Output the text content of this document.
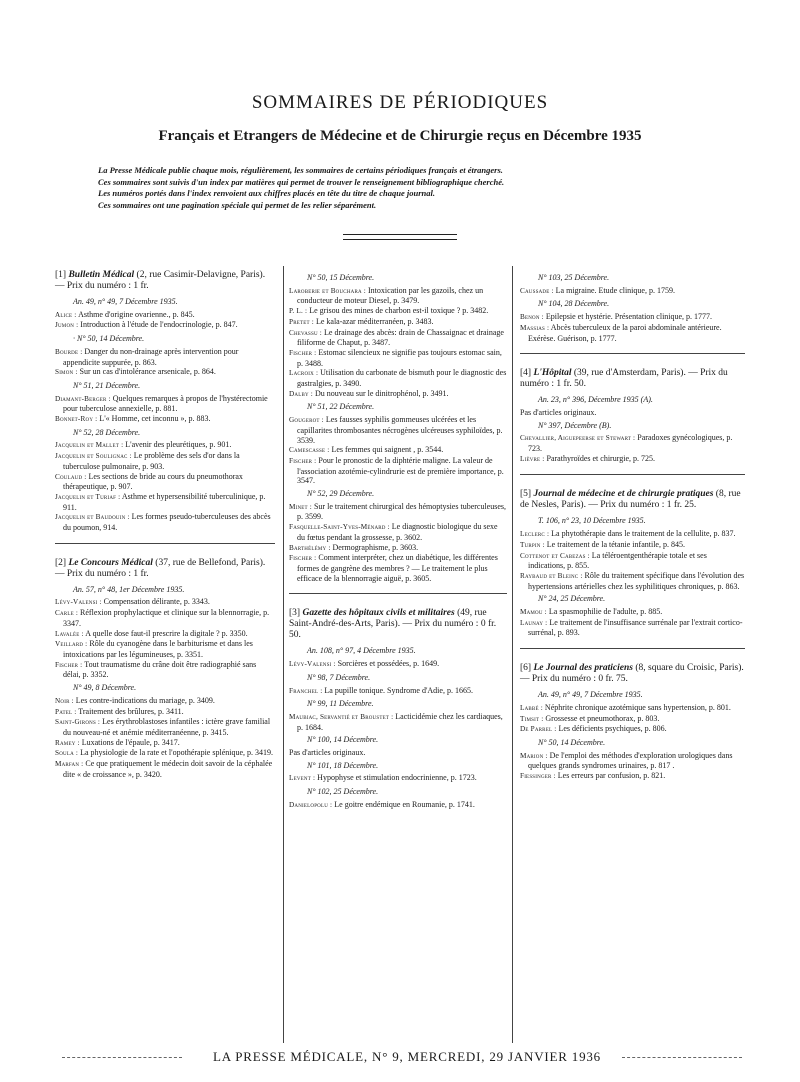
SOMMAIRES DE PÉRIODIQUES
Français et Etrangers de Médecine et de Chirurgie reçus en Décembre 1935

La Presse Médicale publie chaque mois, régulièrement, les sommaires de certains périodiques français et étrangers.

Ces sommaires sont suivis d'un index par matières qui permet de trouver le renseignement bibliographique cherché.

Les numéros portés dans l'index renvoient aux chiffres placés en tête du titre de chaque journal.

Ces sommaires ont une pagination spéciale qui permet de les relier séparément.

[1] Bulletin Médical (2, rue Casimir-Delavigne, Paris). — Prix du numéro : 1 fr.

An. 49, n° 49, 7 Décembre 1935.

Alice : Asthme d'origine ovarienne., p. 845.

Jumon : Introduction à l'étude de l'endocrinologie, p. 847.

· N° 50, 14 Décembre.

Bourde : Danger du non-drainage après intervention pour appendicite suppurée, p. 863.

Simon : Sur un cas d'intolérance arsenicale, p. 864.

N° 51, 21 Décembre.

Diamant-Berger : Quelques remarques à propos de l'hystérectomie pour tuberculose annexielle, p. 881.

Bonnet-Roy : L'« Homme, cet inconnu », p. 883.

N° 52, 28 Décembre.

Jacquelin et Mallet : L'avenir des pleurétiques, p. 901.

Jacquelin et Soulignac : Le problème des sels d'or dans la tuberculose pulmonaire, p. 903.

Coulaud : Les sections de bride au cours du pneumothorax thérapeutique, p. 907.

Jacquelin et Turiaf : Asthme et hypersensibilité tuberculinique, p. 911.

Jacquelin et Baudouin : Les formes pseudo-tuberculeuses des abcès du poumon, 914.

[2] Le Concours Médical (37, rue de Bellefond, Paris). — Prix du numéro : 1 fr.

An. 57, n° 48, 1er Décembre 1935.

Lévy-Valensi : Compensation délirante, p. 3343.

Carle : Réflexion prophylactique et clinique sur la blennorragie, p. 3347.

Lavalée : A quelle dose faut-il prescrire la digitale ? p. 3350.

Veillard : Rôle du cyanogène dans le barbiturisme et dans les intoxications par les légumineuses, p. 3351.

Fischer : Tout traumatisme du crâne doit être radiographié sans délai, p. 3352.

N° 49, 8 Décembre.

Noir : Les contre-indications du mariage, p. 3409.

Patel : Traitement des brûlures, p. 3411.

Saint-Girons : Les érythroblastoses infantiles : ictère grave familial du nouveau-né et anémie méditerranéenne, p. 3415.

Ramey : Luxations de l'épaule, p. 3417.

Soula : La physiologie de la rate et l'opothérapie splénique, p. 3419.

Marfan : Ce que pratiquement le médecin doit savoir de la céphalée dite « de croissance », p. 3420.

N° 50, 15 Décembre.

Laroberie et Bouchara : Intoxication par les gazoils, chez un conducteur de moteur Diesel, p. 3479.

P. L. : Le grisou des mines de charbon est-il toxique ? p. 3482.

Pretet : Le kala-azar méditerranéen, p. 3483.

Chevassu : Le drainage des abcès: drain de Chassaignac et drainage filiforme de Chaput, p. 3487.

Fischer : Estomac silencieux ne signifie pas toujours estomac sain, p. 3488.

Lacroix : Utilisation du carbonate de bismuth pour le diagnostic des gastralgies, p. 3490.

Dalby : Du nouveau sur le dinitrophénol, p. 3491.

N° 51, 22 Décembre.

Gougerot : Les fausses syphilis gommeuses ulcérées et les capillarites thrombosantes nécrogènes ulcéreuses syphiloïdes, p. 3539.

Camescasse : Les femmes qui saignent , p. 3544.

Fischer : Pour le pronostic de la diphtérie maligne. La valeur de l'association azotémie-cylindrurie est de première importance, p. 3547.

N° 52, 29 Décembre.

Minet : Sur le traitement chirurgical des hémoptysies tuberculeuses, p. 3599.

Fasquelle-Saint-Yves-Ménard : Le diagnostic biologique du sexe du fœtus pendant la grossesse, p. 3602.

Barthélémy : Dermographisme, p. 3603.

Fischer : Comment interpréter, chez un diabétique, les différentes formes de gangrène des membres ? — Le traitement le plus efficace de la blennorragie aiguë, p. 3605.

[3] Gazette des hôpitaux civils et militaires (49, rue Saint-André-des-Arts, Paris). — Prix du numéro : 0 fr. 50.

An. 108, n° 97, 4 Décembre 1935.

Lévy-Valensi : Sorcières et possédées, p. 1649.

N° 98, 7 Décembre.

Franchel : La pupille tonique. Syndrome d'Adie, p. 1665.

N° 99, 11 Décembre.

Maubiac, Servantié et Broustet : Lacticidémie chez les cardiaques, p. 1684.

N° 100, 14 Décembre.

Pas d'articles originaux.

N° 101, 18 Décembre.

Levent : Hypophyse et stimulation endocrinienne, p. 1723.

N° 102, 25 Décembre.

Danielopolu : Le goitre endémique en Roumanie, p. 1741.

N° 103, 25 Décembre.

Caussade : La migraine. Etude clinique, p. 1759.

N° 104, 28 Décembre.

Benon : Epilepsie et hystérie. Présentation clinique, p. 1777.

Massias : Abcès tuberculeux de la paroi abdominale antérieure. Exérèse. Guérison, p. 1777.

[4] L'Hôpital (39, rue d'Amsterdam, Paris). — Prix du numéro : 1 fr. 50.

An. 23, n° 396, Décembre 1935 (A).

Pas d'articles originaux.

N° 397, Décembre (B).

Chevallier, Aiguepeerse et Stewart : Paradoxes gynécologiques, p. 723.

Lièvre : Parathyroïdes et chirurgie, p. 725.

[5] Journal de médecine et de chirurgie pratiques (8, rue de Nesles, Paris). — Prix du numéro : 1 fr. 25.

T. 106, n° 23, 10 Décembre 1935.

Leclerc : La phytothérapie dans le traitement de la cellulite, p. 837.

Turpin : Le traitement de la tétanie infantile, p. 845.

Cottenot et Cabezas : La téléroentgenthérapie totale et ses indications, p. 855.

Raybaud et Bleinc : Rôle du traitement spécifique dans l'évolution des hypertensions artérielles chez les syphilitiques chroniques, p. 863.

N° 24, 25 Décembre.

Mamou : La spasmophilie de l'adulte, p. 885.

Launay : Le traitement de l'insuffisance surrénale par l'extrait cortico-surrénal, p. 893.

[6] Le Journal des praticiens (8, square du Croisic, Paris). — Prix du numéro : 0 fr. 75.

An. 49, n° 49, 7 Décembre 1935.

Labbé : Néphrite chronique azotémique sans hypertension, p. 801.

Timsit : Grossesse et pneumothorax, p. 803.

De Parrel : Les déficients psychiques, p. 806.

N° 50, 14 Décembre.

Marion : De l'emploi des méthodes d'exploration urologiques dans quelques grands syndromes urinaires, p. 817 .

Fiessinger : Les erreurs par confusion, p. 821.

LA PRESSE MÉDICALE, N° 9, MERCREDI, 29 JANVIER 1936
